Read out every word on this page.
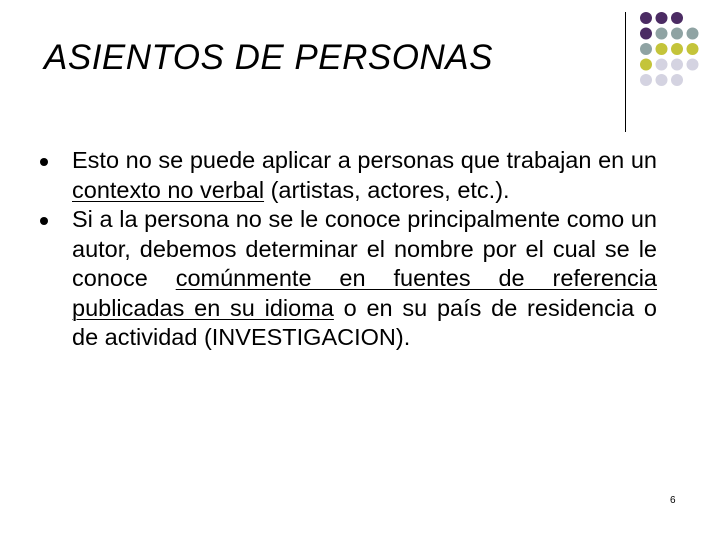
ASIENTOS DE PERSONAS
Esto no se puede aplicar a personas que trabajan en un contexto no verbal (artistas, actores, etc.).
Si a la persona no se le conoce principalmente como un autor, debemos determinar el nombre por el cual se le conoce comúnmente en fuentes de referencia publicadas en su idioma o en su país de residencia o de actividad (INVESTIGACION).
6
